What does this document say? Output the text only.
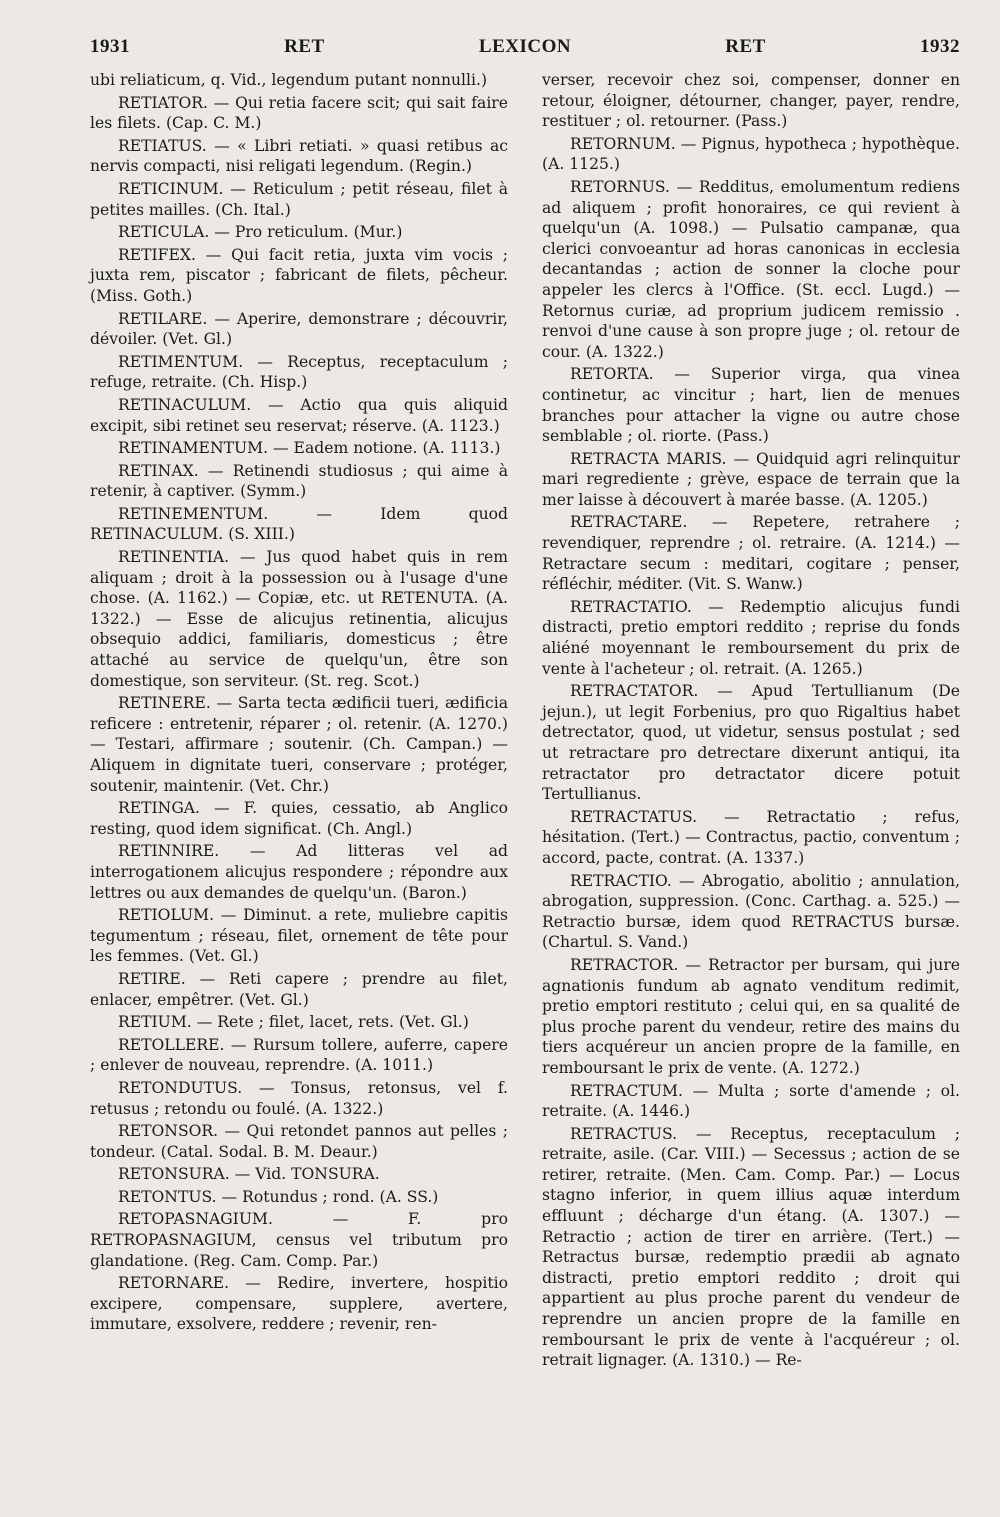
1931	RET	LEXICON	RET	1932

ubi reliaticum, q. Vid., legendum putant nonnulli.)

RETIATOR. — Qui retia facere scit; qui sait faire les filets. (Cap. C. M.)

RETIATUS. — « Libri retiati. » quasi retibus ac nervis compacti, nisi religati legendum. (Regin.)

RETICINUM. — Reticulum ; petit réseau, filet à petites mailles. (Ch. Ital.)

RETICULA. — Pro reticulum. (Mur.)

RETIFEX. — Qui facit retia, juxta vim vocis ; juxta rem, piscator ; fabricant de filets, pêcheur. (Miss. Goth.)

RETILARE. — Aperire, demonstrare ; découvrir, dévoiler. (Vet. Gl.)

RETIMENTUM. — Receptus, receptaculum ; refuge, retraite. (Ch. Hisp.)

RETINACULUM. — Actio qua quis aliquid excipit, sibi retinet seu reservat; réserve. (A. 1123.)

RETINAMENTUM. — Eadem notione. (A. 1113.)

RETINAX. — Retinendi studiosus ; qui aime à retenir, à captiver. (Symm.)

RETINEMENTUM. — Idem quod RETINACULUM. (S. XIII.)

RETINENTIA. — Jus quod habet quis in rem aliquam ; droit à la possession ou à l'usage d'une chose. (A. 1162.) — Copiæ, etc. ut RETENUTA. (A. 1322.) — Esse de alicujus retinentia, alicujus obsequio addici, familiaris, domesticus ; être attaché au service de quelqu'un, être son domestique, son serviteur. (St. reg. Scot.)

RETINERE. — Sarta tecta ædificii tueri, ædificia reficere : entretenir, réparer ; ol. retenir. (A. 1270.) — Testari, affirmare ; soutenir. (Ch. Campan.) — Aliquem in dignitate tueri, conservare ; protéger, soutenir, maintenir. (Vet. Chr.)

RETINGA. — F. quies, cessatio, ab Anglico resting, quod idem significat. (Ch. Angl.)

RETINNIRE. — Ad litteras vel ad interrogationem alicujus respondere ; répondre aux lettres ou aux demandes de quelqu'un. (Baron.)

RETIOLUM. — Diminut. a rete, muliebre capitis tegumentum ; réseau, filet, ornement de tête pour les femmes. (Vet. Gl.)

RETIRE. — Reti capere ; prendre au filet, enlacer, empêtrer. (Vet. Gl.)

RETIUM. — Rete ; filet, lacet, rets. (Vet. Gl.)

RETOLLERE. — Rursum tollere, auferre, capere ; enlever de nouveau, reprendre. (A. 1011.)

RETONDUTUS. — Tonsus, retonsus, vel f. retusus ; retondu ou foulé. (A. 1322.)

RETONSOR. — Qui retondet pannos aut pelles ; tondeur. (Catal. Sodal. B. M. Deaur.)

RETONSURA. — Vid. TONSURA.

RETONTUS. — Rotundus ; rond. (A. SS.)

RETOPASNAGIUM. — F. pro RETROPASNAGIUM, census vel tributum pro glandatione. (Reg. Cam. Comp. Par.)

RETORNARE. — Redire, invertere, hospitio excipere, compensare, supplere, avertere, immutare, exsolvere, reddere ; revenir, ren-

verser, recevoir chez soi, compenser, donner en retour, éloigner, détourner, changer, payer, rendre, restituer ; ol. retourner. (Pass.)

RETORNUM. — Pignus, hypotheca ; hypothèque. (A. 1125.)

RETORNUS. — Redditus, emolumentum rediens ad aliquem ; profit honoraires, ce qui revient à quelqu'un (A. 1098.) — Pulsatio campanæ, qua clerici convoeantur ad horas canonicas in ecclesia decantandas ; action de sonner la cloche pour appeler les clercs à l'Office. (St. eccl. Lugd.) — Retornus curiæ, ad proprium judicem remissio . renvoi d'une cause à son propre juge ; ol. retour de cour. (A. 1322.)

RETORTA. — Superior virga, qua vinea continetur, ac vincitur ; hart, lien de menues branches pour attacher la vigne ou autre chose semblable ; ol. riorte. (Pass.)

RETRACTA MARIS. — Quidquid agri relinquitur mari regrediente ; grève, espace de terrain que la mer laisse à découvert à marée basse. (A. 1205.)

RETRACTARE. — Repetere, retrahere ; revendiquer, reprendre ; ol. retraire. (A. 1214.) — Retractare secum : meditari, cogitare ; penser, réfléchir, méditer. (Vit. S. Wanw.)

RETRACTATIO. — Redemptio alicujus fundi distracti, pretio emptori reddito ; reprise du fonds aliéné moyennant le remboursement du prix de vente à l'acheteur ; ol. retrait. (A. 1265.)

RETRACTATOR. — Apud Tertullianum (De jejun.), ut legit Forbenius, pro quo Rigaltius habet detrectator, quod, ut videtur, sensus postulat ; sed ut retractare pro detrectare dixerunt antiqui, ita retractator pro detractator dicere potuit Tertullianus.

RETRACTATUS. — Retractatio ; refus, hésitation. (Tert.) — Contractus, pactio, conventum ; accord, pacte, contrat. (A. 1337.)

RETRACTIO. — Abrogatio, abolitio ; annulation, abrogation, suppression. (Conc. Carthag. a. 525.) — Retractio bursæ, idem quod RETRACTUS bursæ. (Chartul. S. Vand.)

RETRACTOR. — Retractor per bursam, qui jure agnationis fundum ab agnato venditum redimit, pretio emptori restituto ; celui qui, en sa qualité de plus proche parent du vendeur, retire des mains du tiers acquéreur un ancien propre de la famille, en remboursant le prix de vente. (A. 1272.)

RETRACTUM. — Multa ; sorte d'amende ; ol. retraite. (A. 1446.)

RETRACTUS. — Receptus, receptaculum ; retraite, asile. (Car. VIII.) — Secessus ; action de se retirer, retraite. (Men. Cam. Comp. Par.) — Locus stagno inferior, in quem illius aquæ interdum effluunt ; décharge d'un étang. (A. 1307.) — Retractio ; action de tirer en arrière. (Tert.) — Retractus bursæ, redemptio prædii ab agnato distracti, pretio emptori reddito ; droit qui appartient au plus proche parent du vendeur de reprendre un ancien propre de la famille en remboursant le prix de vente à l'acquéreur ; ol. retrait lignager. (A. 1310.) — Re-
